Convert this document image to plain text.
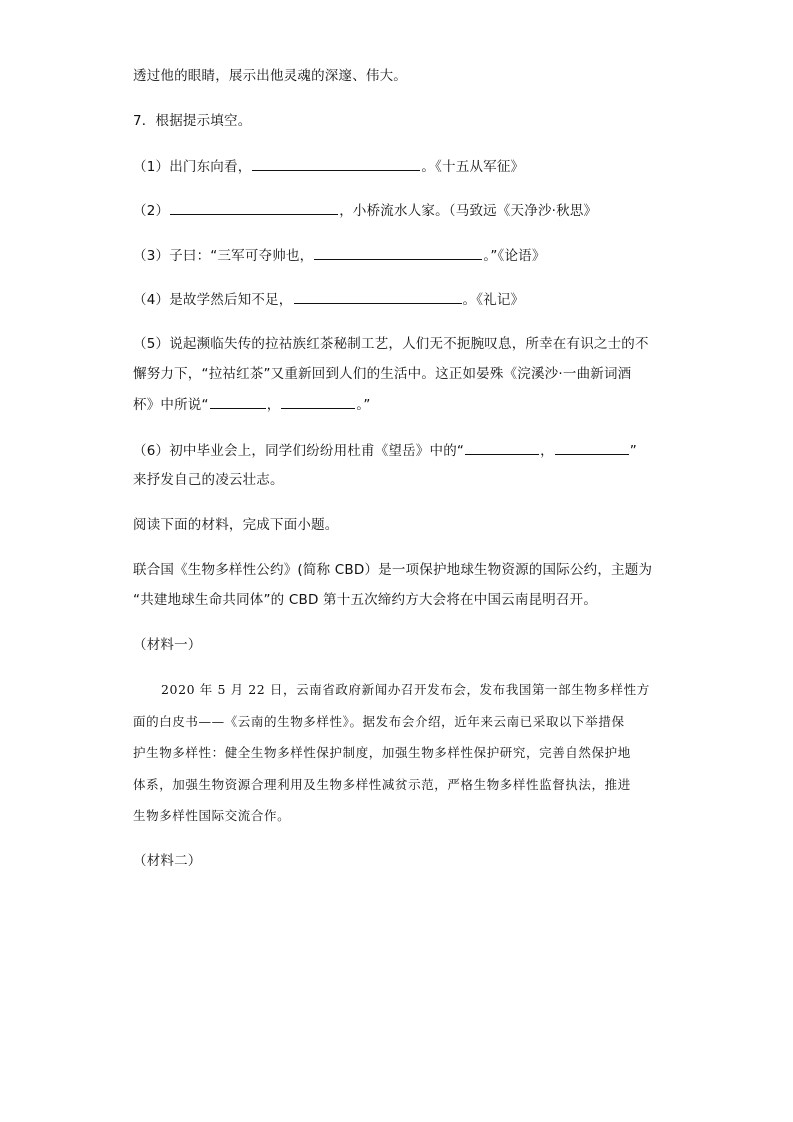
透过他的眼睛，展示出他灵魂的深邃、伟大。
7．根据提示填空。
（1）出门东向看，	。《十五从军征》
（2）	，小桥流水人家。（马致远《天净沙·秋思》
（3）子曰：“三军可夺帅也，	。”《论语》
（4）是故学然后知不足，	。《礼记》
（5）说起濒临失传的拉祜族红茶秘制工艺，人们无不扼腕叹息，所幸在有识之士的不
懈努力下，“拉祜红茶”又重新回到人们的生活中。这正如晏殊《浣溪沙·一曲新词酒
杯》中所说“	，	。”
（6）初中毕业会上，同学们纷纷用杜甫《望岳》中的“	，	”
来抒发自己的凌云壮志。
阅读下面的材料，完成下面小题。
联合国《生物多样性公约》(简称 CBD）是一项保护地球生物资源的国际公约，主题为
“共建地球生命共同体”的 CBD 第十五次缔约方大会将在中国云南昆明召开。
（材料一）
2020 年 5 月 22 日，云南省政府新闻办召开发布会，发布我国第一部生物多样性方
面的白皮书——《云南的生物多样性》。据发布会介绍，近年来云南已采取以下举措保
护生物多样性：健全生物多样性保护制度，加强生物多样性保护研究，完善自然保护地
体系，加强生物资源合理利用及生物多样性减贫示范，严格生物多样性监督执法，推进
生物多样性国际交流合作。
（材料二）
